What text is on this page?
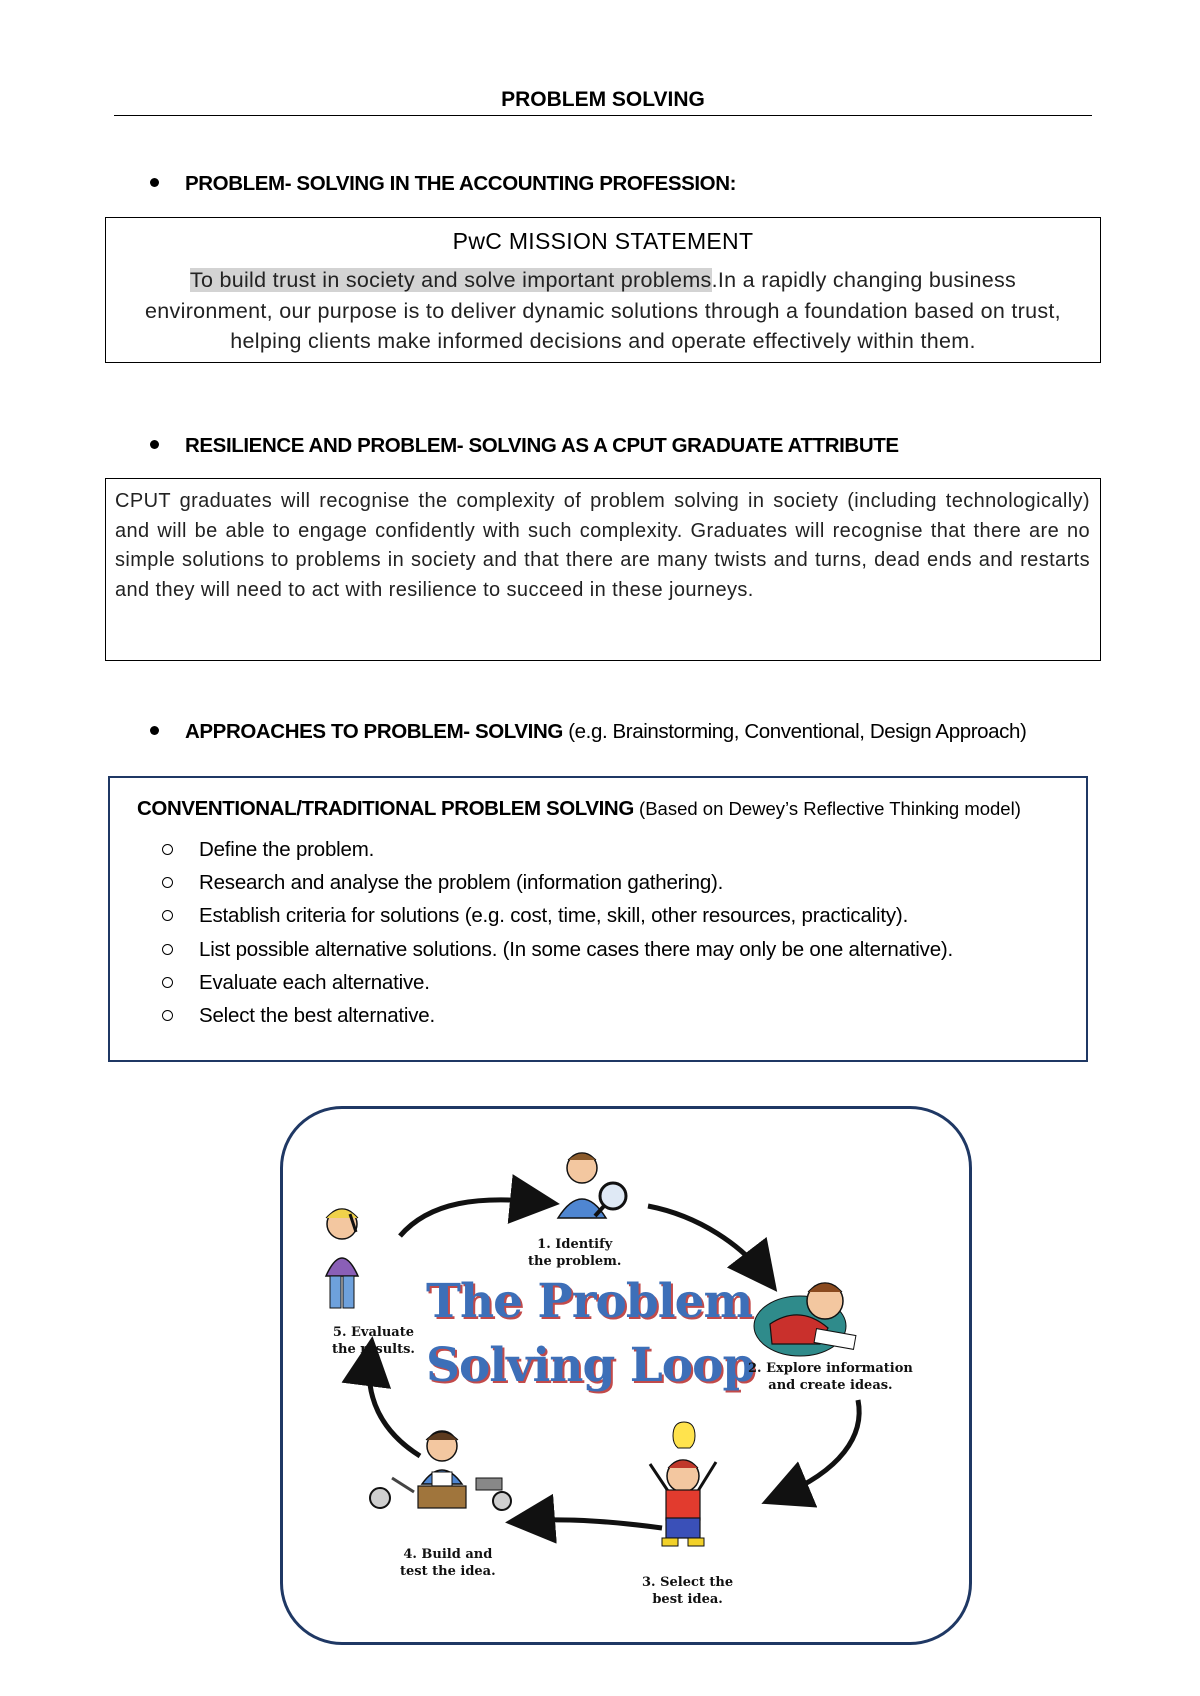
PROBLEM SOLVING
PROBLEM- SOLVING IN THE ACCOUNTING PROFESSION:
PwC MISSION STATEMENT
To build trust in society and solve important problems.In a rapidly changing business environment, our purpose is to deliver dynamic solutions through a foundation based on trust, helping clients make informed decisions and operate effectively within them.
RESILIENCE AND PROBLEM- SOLVING AS A CPUT GRADUATE ATTRIBUTE
CPUT graduates will recognise the complexity of problem solving in society (including technologically) and will be able to engage confidently with such complexity. Graduates will recognise that there are no simple solutions to problems in society and that there are many twists and turns, dead ends and restarts and they will need to act with resilience to succeed in these journeys.
APPROACHES TO PROBLEM- SOLVING (e.g. Brainstorming, Conventional, Design Approach)
CONVENTIONAL/TRADITIONAL PROBLEM SOLVING (Based on Dewey’s Reflective Thinking model)
Define the problem.
Research and analyse the problem (information gathering).
Establish criteria for solutions (e.g. cost, time, skill, other resources, practicality).
List possible alternative solutions. (In some cases there may only be one alternative).
Evaluate each alternative.
Select the best alternative.
The Problem
Solving Loop
1. Identify
the problem.
2. Explore information
and create ideas.
3. Select the
best idea.
4. Build and
test the idea.
5. Evaluate
the results.
